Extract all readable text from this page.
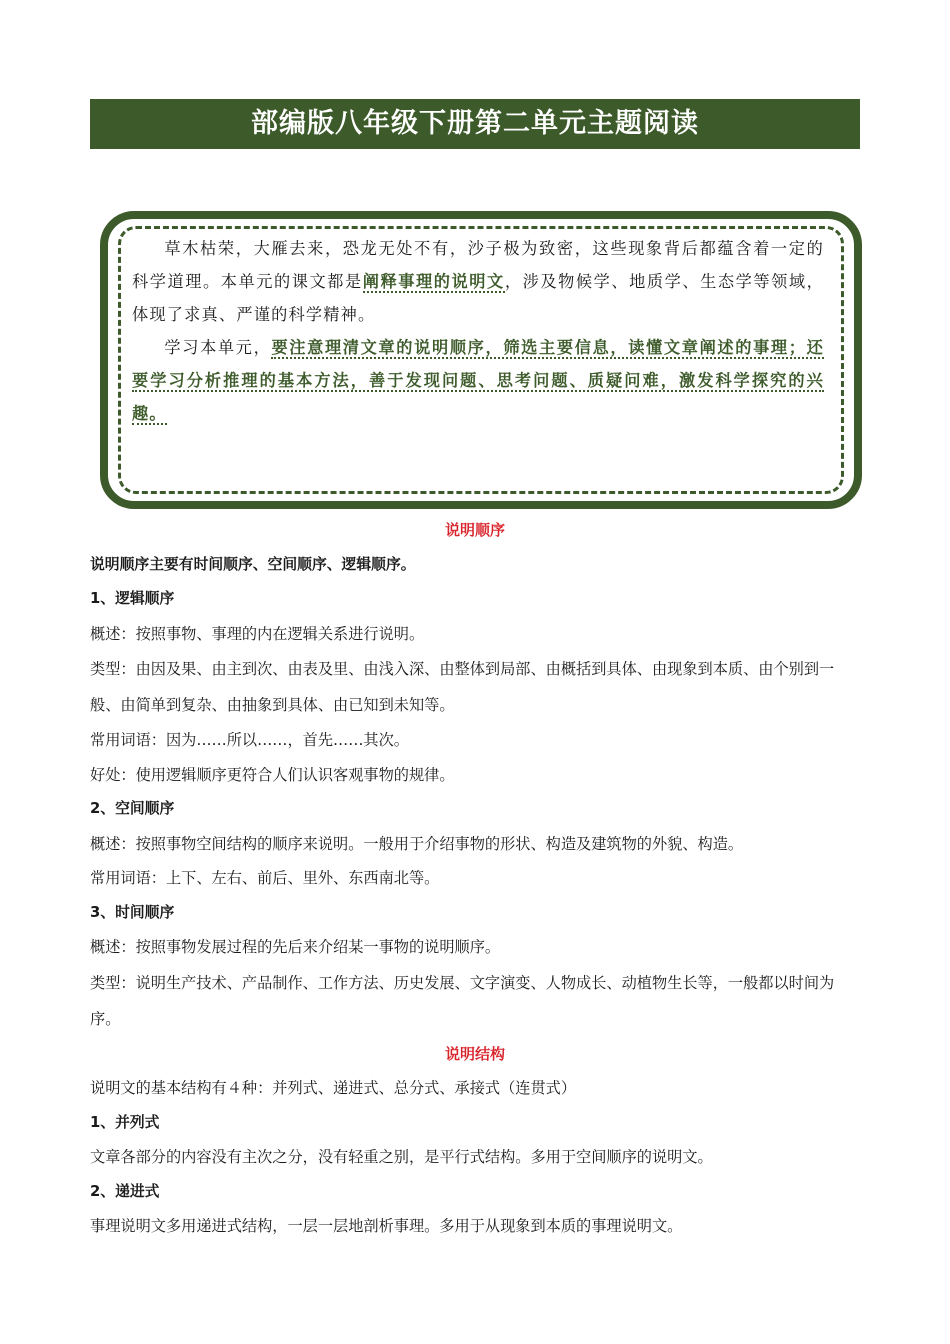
部编版八年级下册第二单元主题阅读

草木枯荣，大雁去来，恐龙无处不有，沙子极为致密，这些现象背后都蕴含着一定的科学道理。本单元的课文都是阐释事理的说明文，涉及物候学、地质学、生态学等领域，体现了求真、严谨的科学精神。

学习本单元，要注意理清文章的说明顺序，筛选主要信息，读懂文章阐述的事理；还要学习分析推理的基本方法，善于发现问题、思考问题、质疑问难，激发科学探究的兴趣。

说明顺序

说明顺序主要有时间顺序、空间顺序、逻辑顺序。

1、逻辑顺序

概述：按照事物、事理的内在逻辑关系进行说明。

类型：由因及果、由主到次、由表及里、由浅入深、由整体到局部、由概括到具体、由现象到本质、由个别到一般、由简单到复杂、由抽象到具体、由已知到未知等。

常用词语：因为……所以……，首先……其次。

好处：使用逻辑顺序更符合人们认识客观事物的规律。

2、空间顺序

概述：按照事物空间结构的顺序来说明。一般用于介绍事物的形状、构造及建筑物的外貌、构造。

常用词语：上下、左右、前后、里外、东西南北等。

3、时间顺序

概述：按照事物发展过程的先后来介绍某一事物的说明顺序。

类型：说明生产技术、产品制作、工作方法、历史发展、文字演变、人物成长、动植物生长等，一般都以时间为序。

说明结构

说明文的基本结构有４种：并列式、递进式、总分式、承接式（连贯式）

1、并列式

文章各部分的内容没有主次之分，没有轻重之别，是平行式结构。多用于空间顺序的说明文。

2、递进式

事理说明文多用递进式结构，一层一层地剖析事理。多用于从现象到本质的事理说明文。
